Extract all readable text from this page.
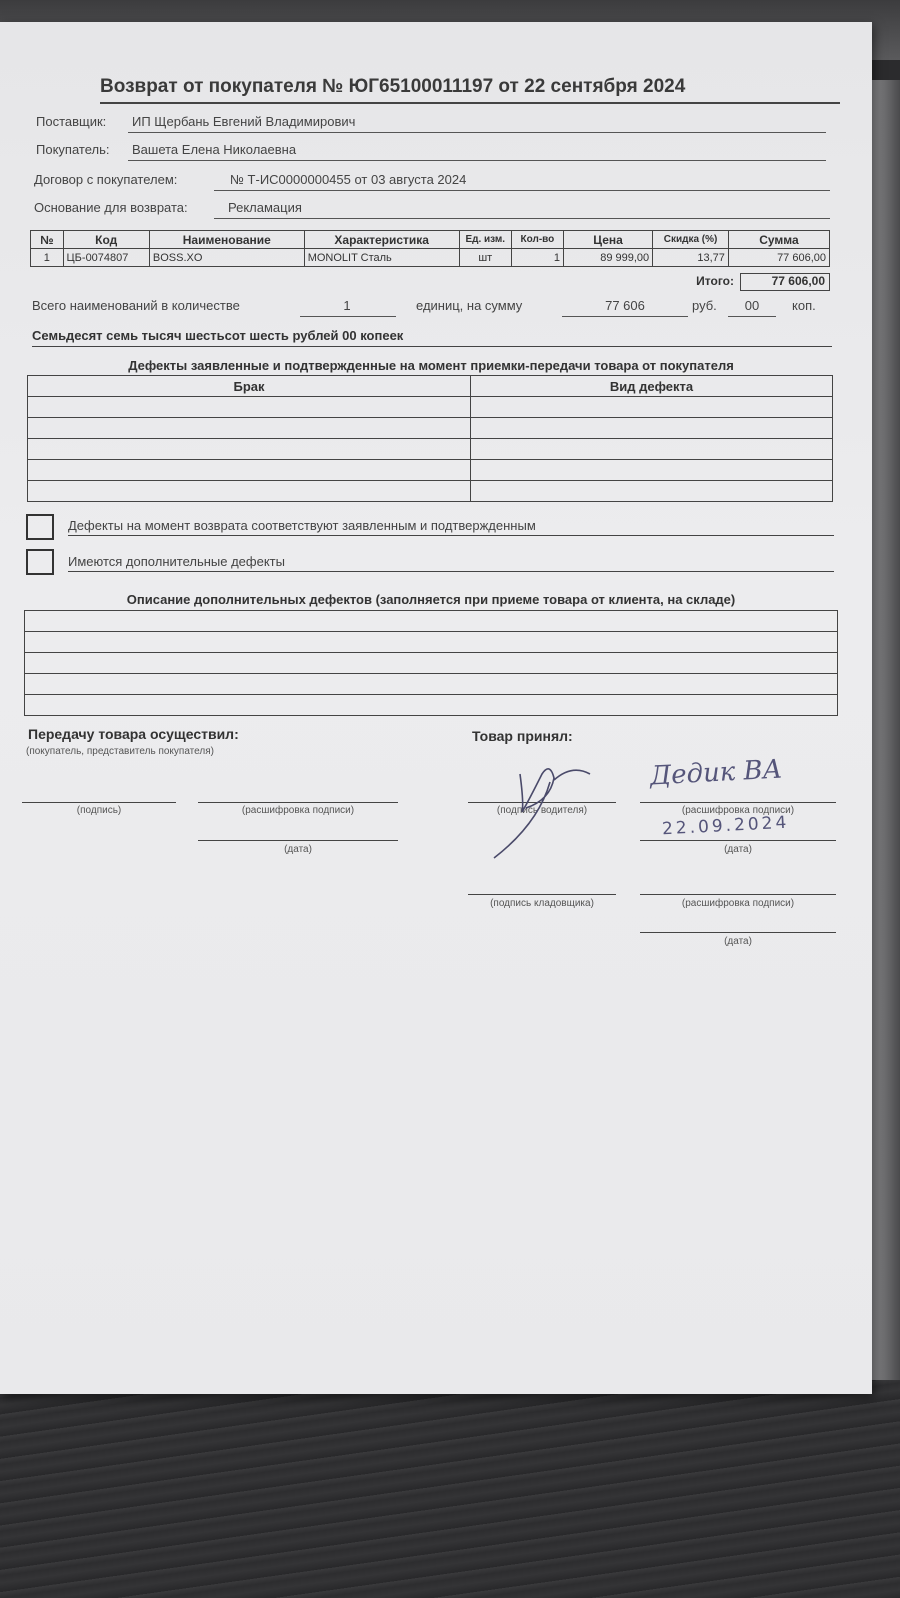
Возврат от покупателя № ЮГ65100011197 от 22 сентября 2024
Поставщик: ИП Щербань Евгений Владимирович
Покупатель: Вашета Елена Николаевна
Договор с покупателем:	№ Т-ИС0000000455 от 03 августа 2024
Основание для возврата:	Рекламация
№	Код	Наименование	Характеристика	Ед. изм.	Кол-во	Цена	Скидка (%)	Сумма
1	ЦБ-0074807	BOSS.XO	MONOLIT Сталь	шт	1	89 999,00	13,77	77 606,00
Итого:	77 606,00
Всего наименований в количестве	1	единиц, на сумму	77 606	руб.	00	коп.
Семьдесят семь тысяч шестьсот шесть рублей 00 копеек
Дефекты заявленные и подтвержденные на момент приемки-передачи товара от покупателя
Брак	Вид дефекта

Дефекты на момент возврата соответствуют заявленным и подтвержденным
Имеются дополнительные дефекты
Описание дополнительных дефектов (заполняется при приеме товара от клиента, на складе)

Передачу товара осуществил:
(покупатель, представитель покупателя)
(подпись)	(расшифровка подписи)
(дата)
Товар принял:
(подпись водителя)	(расшифровка подписи)
(дата)
(подпись кладовщика)	(расшифровка подписи)
(дата)
Дедик ВА
22.09.2024
